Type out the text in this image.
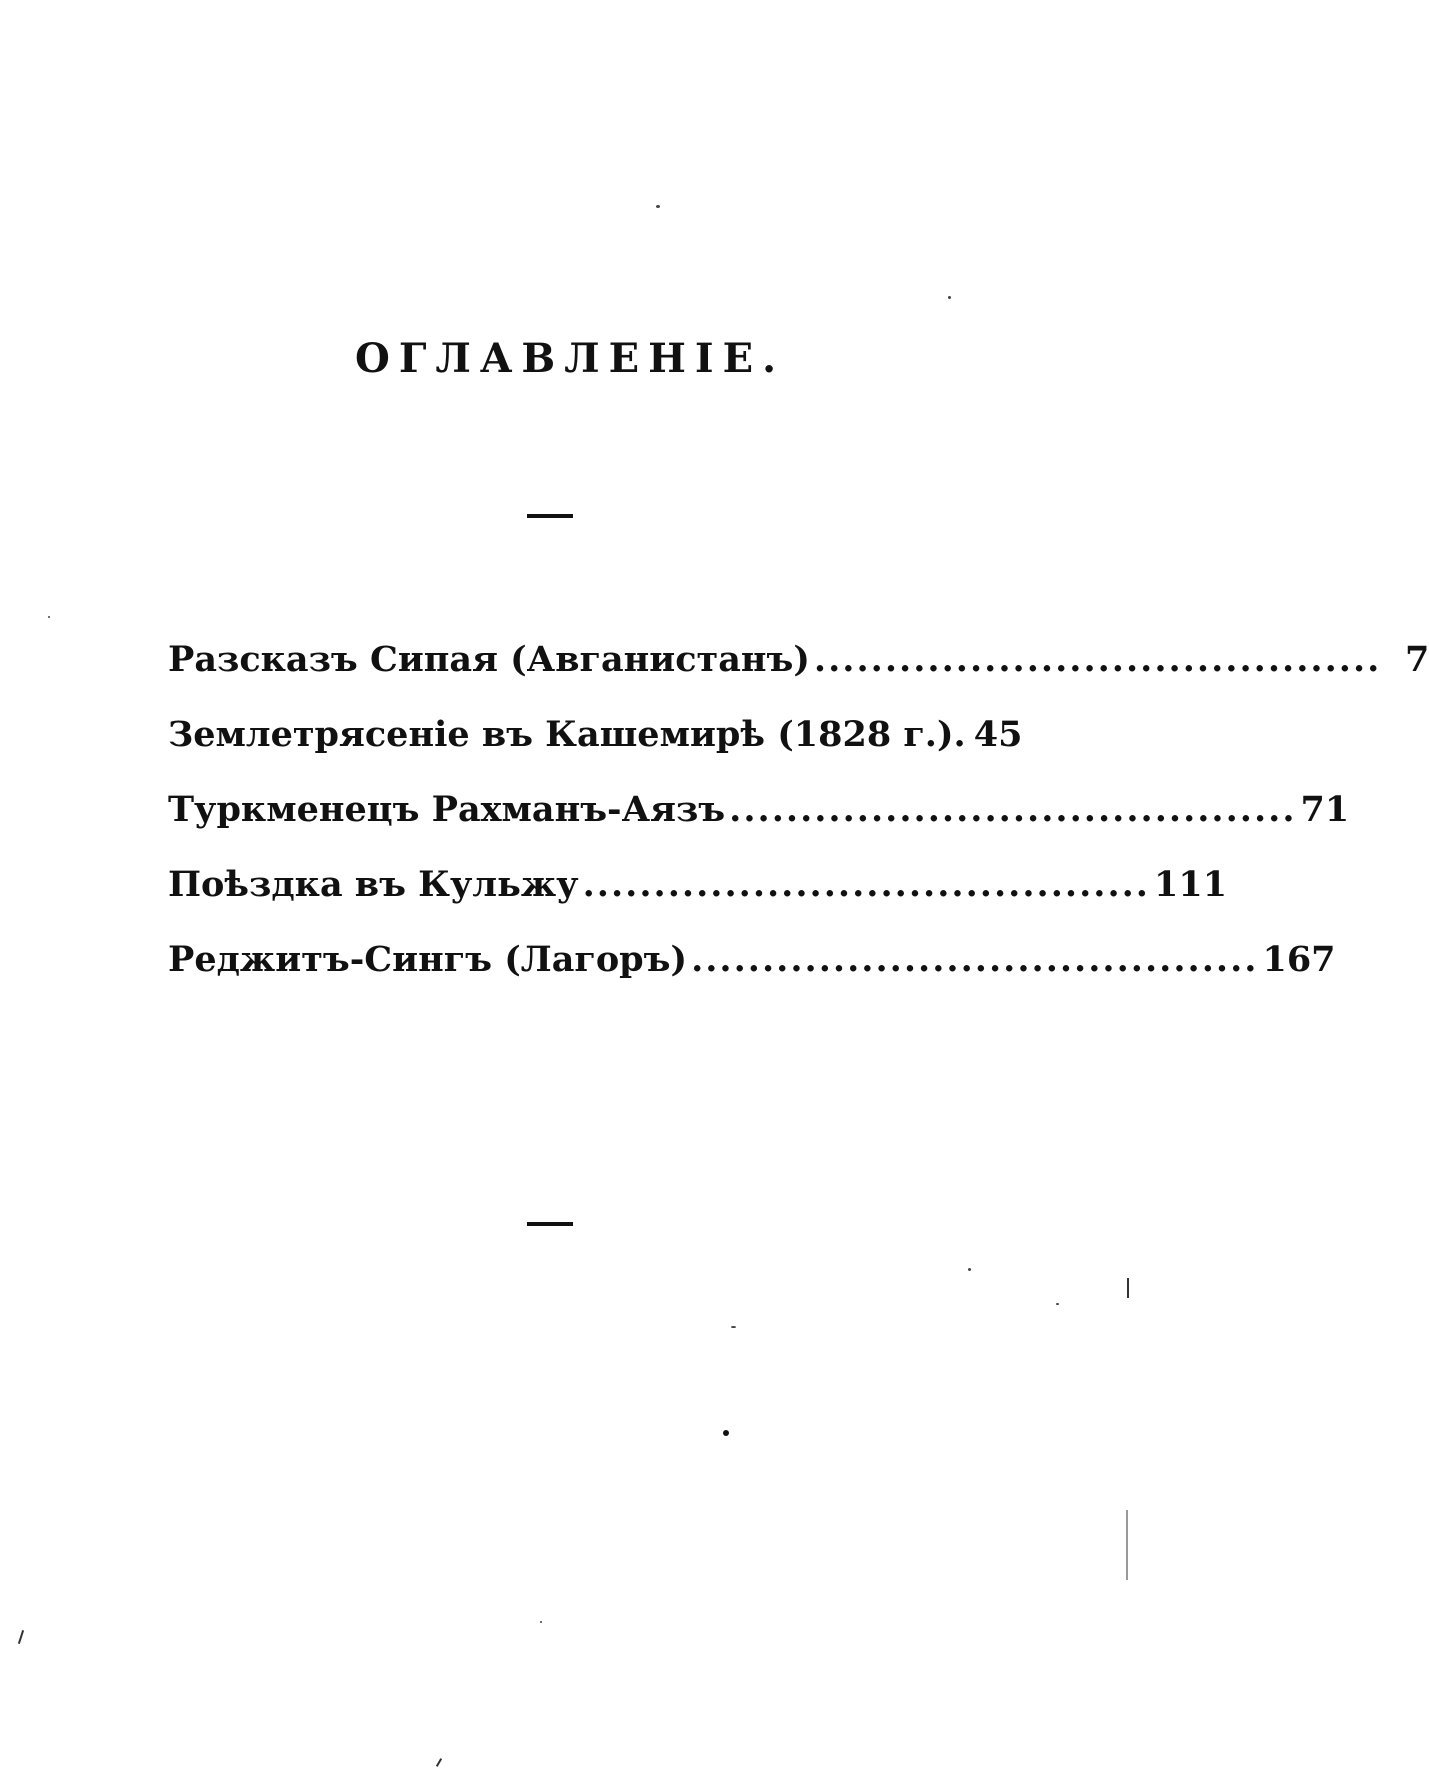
ОГЛАВЛЕНІЕ.
Разсказъ Сипая (Авганистанъ) ........................................ 7
Землетрясеніе въ Кашемирѣ (1828 г.). 45
Туркменецъ Рахманъ-Аязъ ........................................ 71
Поѣздка въ Кульжу ........................................ 111
Реджитъ-Сингъ (Лагоръ) ........................................ 167
